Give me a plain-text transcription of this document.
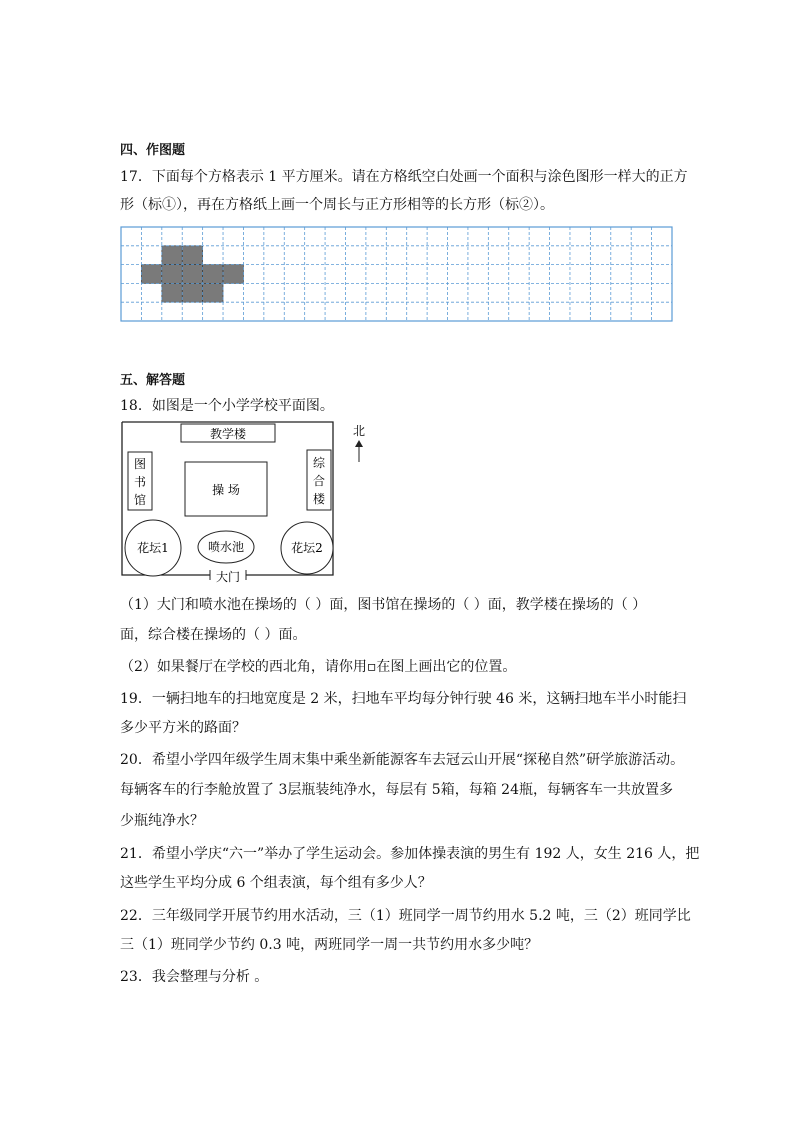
四、作图题
17．下面每个方格表示 1 平方厘米。请在方格纸空白处画一个面积与涂色图形一样大的正方
形（标①），再在方格纸上画一个周长与正方形相等的长方形（标②）。
五、解答题
18．如图是一个小学学校平面图。
大门
教学楼
图
书
馆
操 场
综
合
楼
花坛1	喷水池	花坛2
北
（1）大门和喷水池在操场的（ ）面，图书馆在操场的（ ）面，教学楼在操场的（ ）
面，综合楼在操场的（ ）面。
（2）如果餐厅在学校的西北角，请你用▫在图上画出它的位置。
19．一辆扫地车的扫地宽度是 2 米，扫地车平均每分钟行驶 46 米，这辆扫地车半小时能扫
多少平方米的路面？
20．希望小学四年级学生周末集中乘坐新能源客车去冠云山开展“探秘自然”研学旅游活动。
每辆客车的行李舱放置了 3层瓶装纯净水，每层有 5箱，每箱 24瓶，每辆客车一共放置多
少瓶纯净水？
21．希望小学庆“六一”举办了学生运动会。参加体操表演的男生有 192 人，女生 216 人，把
这些学生平均分成 6 个组表演，每个组有多少人？
22．三年级同学开展节约用水活动，三（1）班同学一周节约用水 5.2 吨，三（2）班同学比
三（1）班同学少节约 0.3 吨，两班同学一周一共节约用水多少吨？
23．我会整理与分析 。
